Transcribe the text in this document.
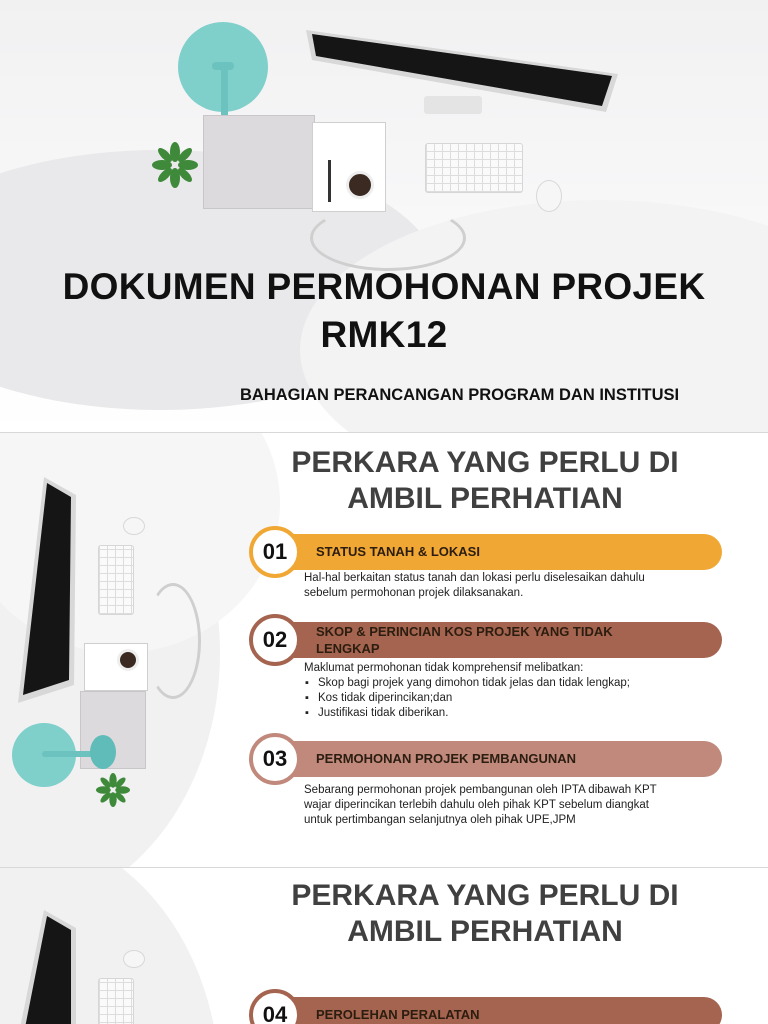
DOKUMEN PERMOHONAN PROJEK
RMK12
BAHAGIAN PERANCANGAN PROGRAM DAN INSTITUSI
PERKARA YANG PERLU DI
AMBIL PERHATIAN
STATUS TANAH & LOKASI
01
Hal-hal berkaitan status tanah dan lokasi perlu diselesaikan dahulu
sebelum permohonan projek dilaksanakan.
SKOP & PERINCIAN KOS PROJEK YANG TIDAK
LENGKAP
02
Maklumat permohonan tidak komprehensif melibatkan:
▪ Skop bagi projek yang dimohon tidak jelas dan tidak lengkap;
▪ Kos tidak diperincikan;dan
▪ Justifikasi tidak diberikan.
PERMOHONAN PROJEK PEMBANGUNAN
03
Sebarang permohonan projek pembangunan oleh IPTA dibawah KPT
wajar diperincikan terlebih dahulu oleh pihak KPT sebelum diangkat
untuk pertimbangan selanjutnya oleh pihak UPE,JPM
PERKARA YANG PERLU DI
AMBIL PERHATIAN
PEROLEHAN PERALATAN
04
